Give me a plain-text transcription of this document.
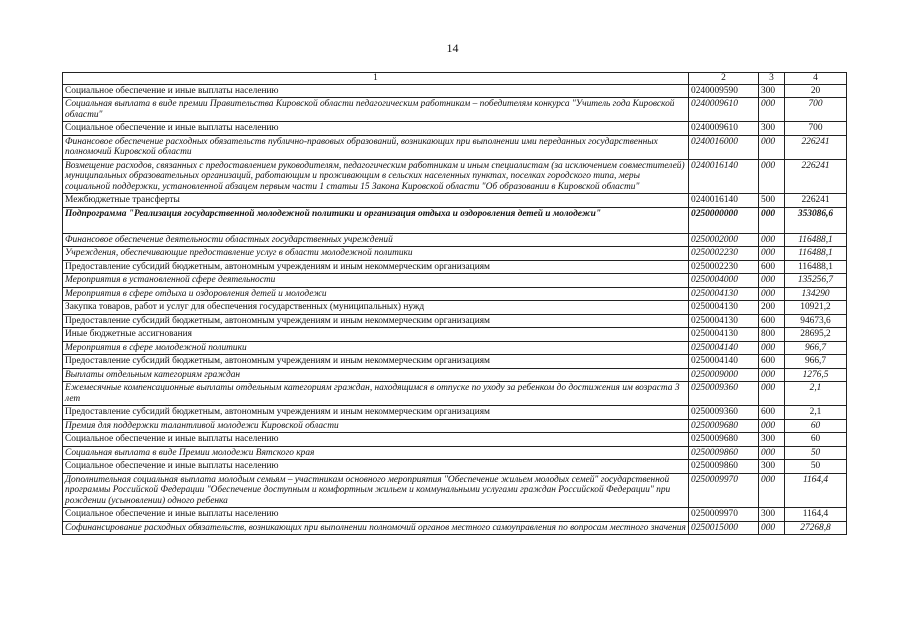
14
1	2	3	4
Социальное обеспечение и иные выплаты населению	0240009590	300	20
Социальная выплата в виде премии Правительства Кировской области педагогическим работникам – победителям конкурса "Учитель года Кировской области"	0240009610	000	700
Социальное обеспечение и иные выплаты населению	0240009610	300	700
Финансовое обеспечение расходных обязательств публично-правовых образований, возникающих при выполнении ими переданных государственных полномочий Кировской области	0240016000	000	226241
Возмещение расходов, связанных с предоставлением руководителям, педагогическим работникам и иным специалистам (за исключением совместителей) муниципальных образовательных организаций, работающим и проживающим в сельских населенных пунктах, поселках городского типа, меры социальной поддержки, установленной абзацем первым части 1 статьи 15 Закона Кировской области "Об образовании в Кировской области"	0240016140	000	226241
Межбюджетные трансферты	0240016140	500	226241
Подпрограмма "Реализация государственной молодежной политики и организация отдыха и оздоровления детей и молодежи"	0250000000	000	353086,6
Финансовое обеспечение деятельности областных государственных учреждений	0250002000	000	116488,1
Учреждения, обеспечивающие предоставление услуг в области молодежной политики	0250002230	000	116488,1
Предоставление субсидий бюджетным, автономным учреждениям и иным некоммерческим организациям	0250002230	600	116488,1
Мероприятия в установленной сфере деятельности	0250004000	000	135256,7
Мероприятия в сфере отдыха и оздоровления детей и молодежи	0250004130	000	134290
Закупка товаров, работ и услуг для обеспечения государственных (муниципальных) нужд	0250004130	200	10921,2
Предоставление субсидий бюджетным, автономным учреждениям и иным некоммерческим организациям	0250004130	600	94673,6
Иные бюджетные ассигнования	0250004130	800	28695,2
Мероприятия в сфере молодежной политики	0250004140	000	966,7
Предоставление субсидий бюджетным, автономным учреждениям и иным некоммерческим организациям	0250004140	600	966,7
Выплаты отдельным категориям граждан	0250009000	000	1276,5
Ежемесячные компенсационные выплаты отдельным категориям граждан, находящимся в отпуске по уходу за ребенком до достижения им возраста 3 лет	0250009360	000	2,1
Предоставление субсидий бюджетным, автономным учреждениям и иным некоммерческим организациям	0250009360	600	2,1
Премия для поддержки талантливой молодежи Кировской области	0250009680	000	60
Социальное обеспечение и иные выплаты населению	0250009680	300	60
Социальная выплата в виде Премии молодежи Вятского края	0250009860	000	50
Социальное обеспечение и иные выплаты населению	0250009860	300	50
Дополнительная социальная выплата молодым семьям – участникам основного мероприятия "Обеспечение жильем молодых семей" государственной программы Российской Федерации "Обеспечение доступным и комфортным жильем и коммунальными услугами граждан Российской Федерации" при рождении (усыновлении) одного ребенка	0250009970	000	1164,4
Социальное обеспечение и иные выплаты населению	0250009970	300	1164,4
Софинансирование расходных обязательств, возникающих при выполнении полномочий органов местного самоуправления по вопросам местного значения	0250015000	000	27268,8
